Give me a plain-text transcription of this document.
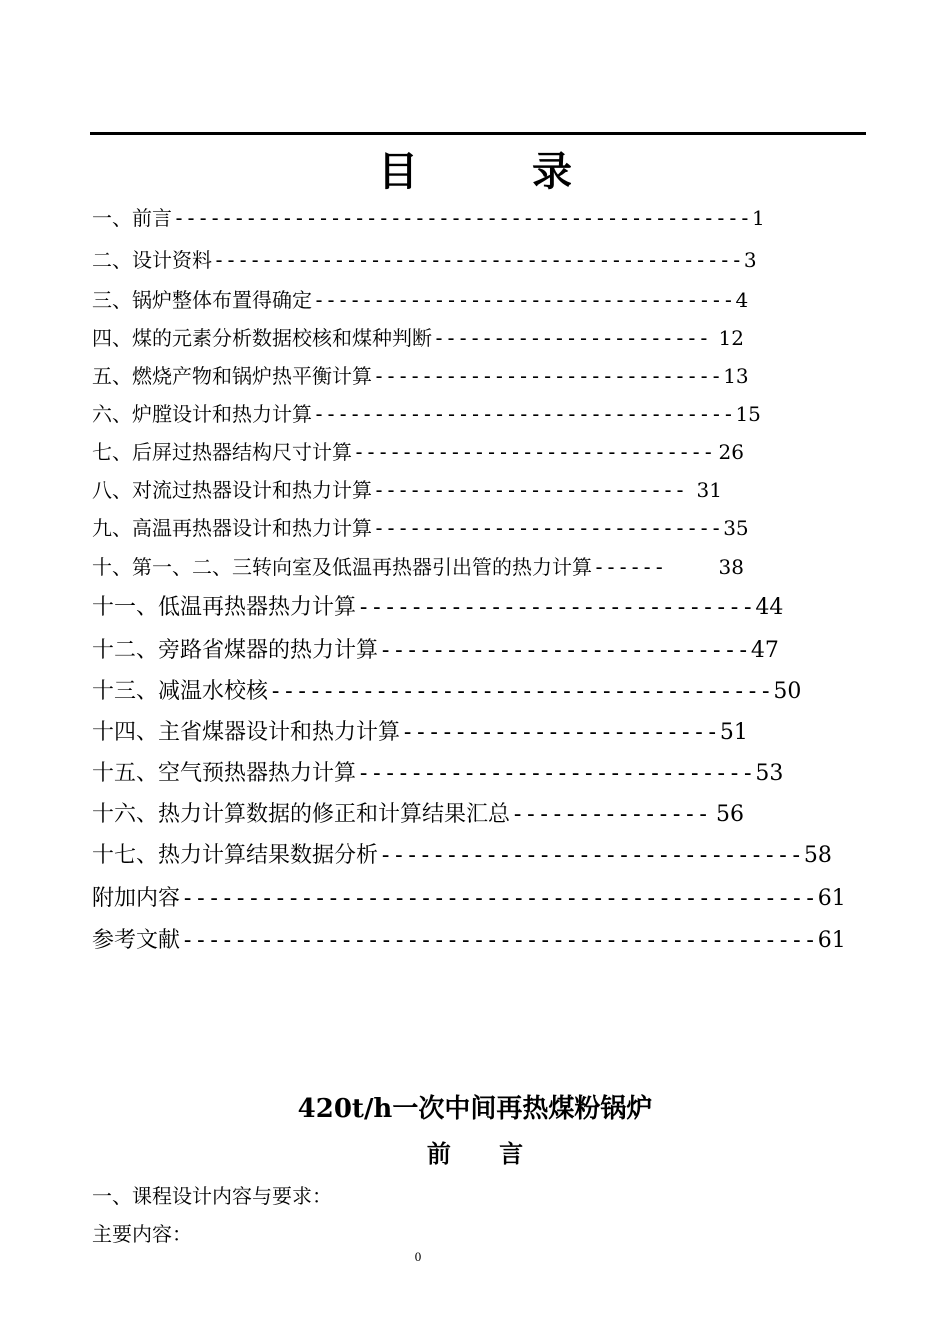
目 录
一、前言 ------------------------------------------------ 1
二、设计资料 -------------------------------------------- 3
三、锅炉整体布置得确定 ----------------------------------- 4
四、煤的元素分析数据校核和煤种判断 ----------------------- 12
五、燃烧产物和锅炉热平衡计算 ----------------------------- 13
六、炉膛设计和热力计算 ----------------------------------- 15
七、后屏过热器结构尺寸计算 ------------------------------ 26
八、对流过热器设计和热力计算 -------------------------- 31
九、高温再热器设计和热力计算 ----------------------------- 35
十、第一、二、三转向室及低温再热器引出管的热力计算 ------	38
十一、低温再热器热力计算 ------------------------------ 44
十二、旁路省煤器的热力计算 ---------------------------- 47
十三、减温水校核 -------------------------------------- 50
十四、主省煤器设计和热力计算 ------------------------ 51
十五、空气预热器热力计算 ------------------------------ 53
十六、热力计算数据的修正和计算结果汇总 --------------- 56
十七、热力计算结果数据分析 -------------------------------- 58
附加内容 ------------------------------------------------ 61
参考文献 ------------------------------------------------ 61
420t/h一次中间再热煤粉锅炉
前 言
一、课程设计内容与要求：
主要内容：
0
